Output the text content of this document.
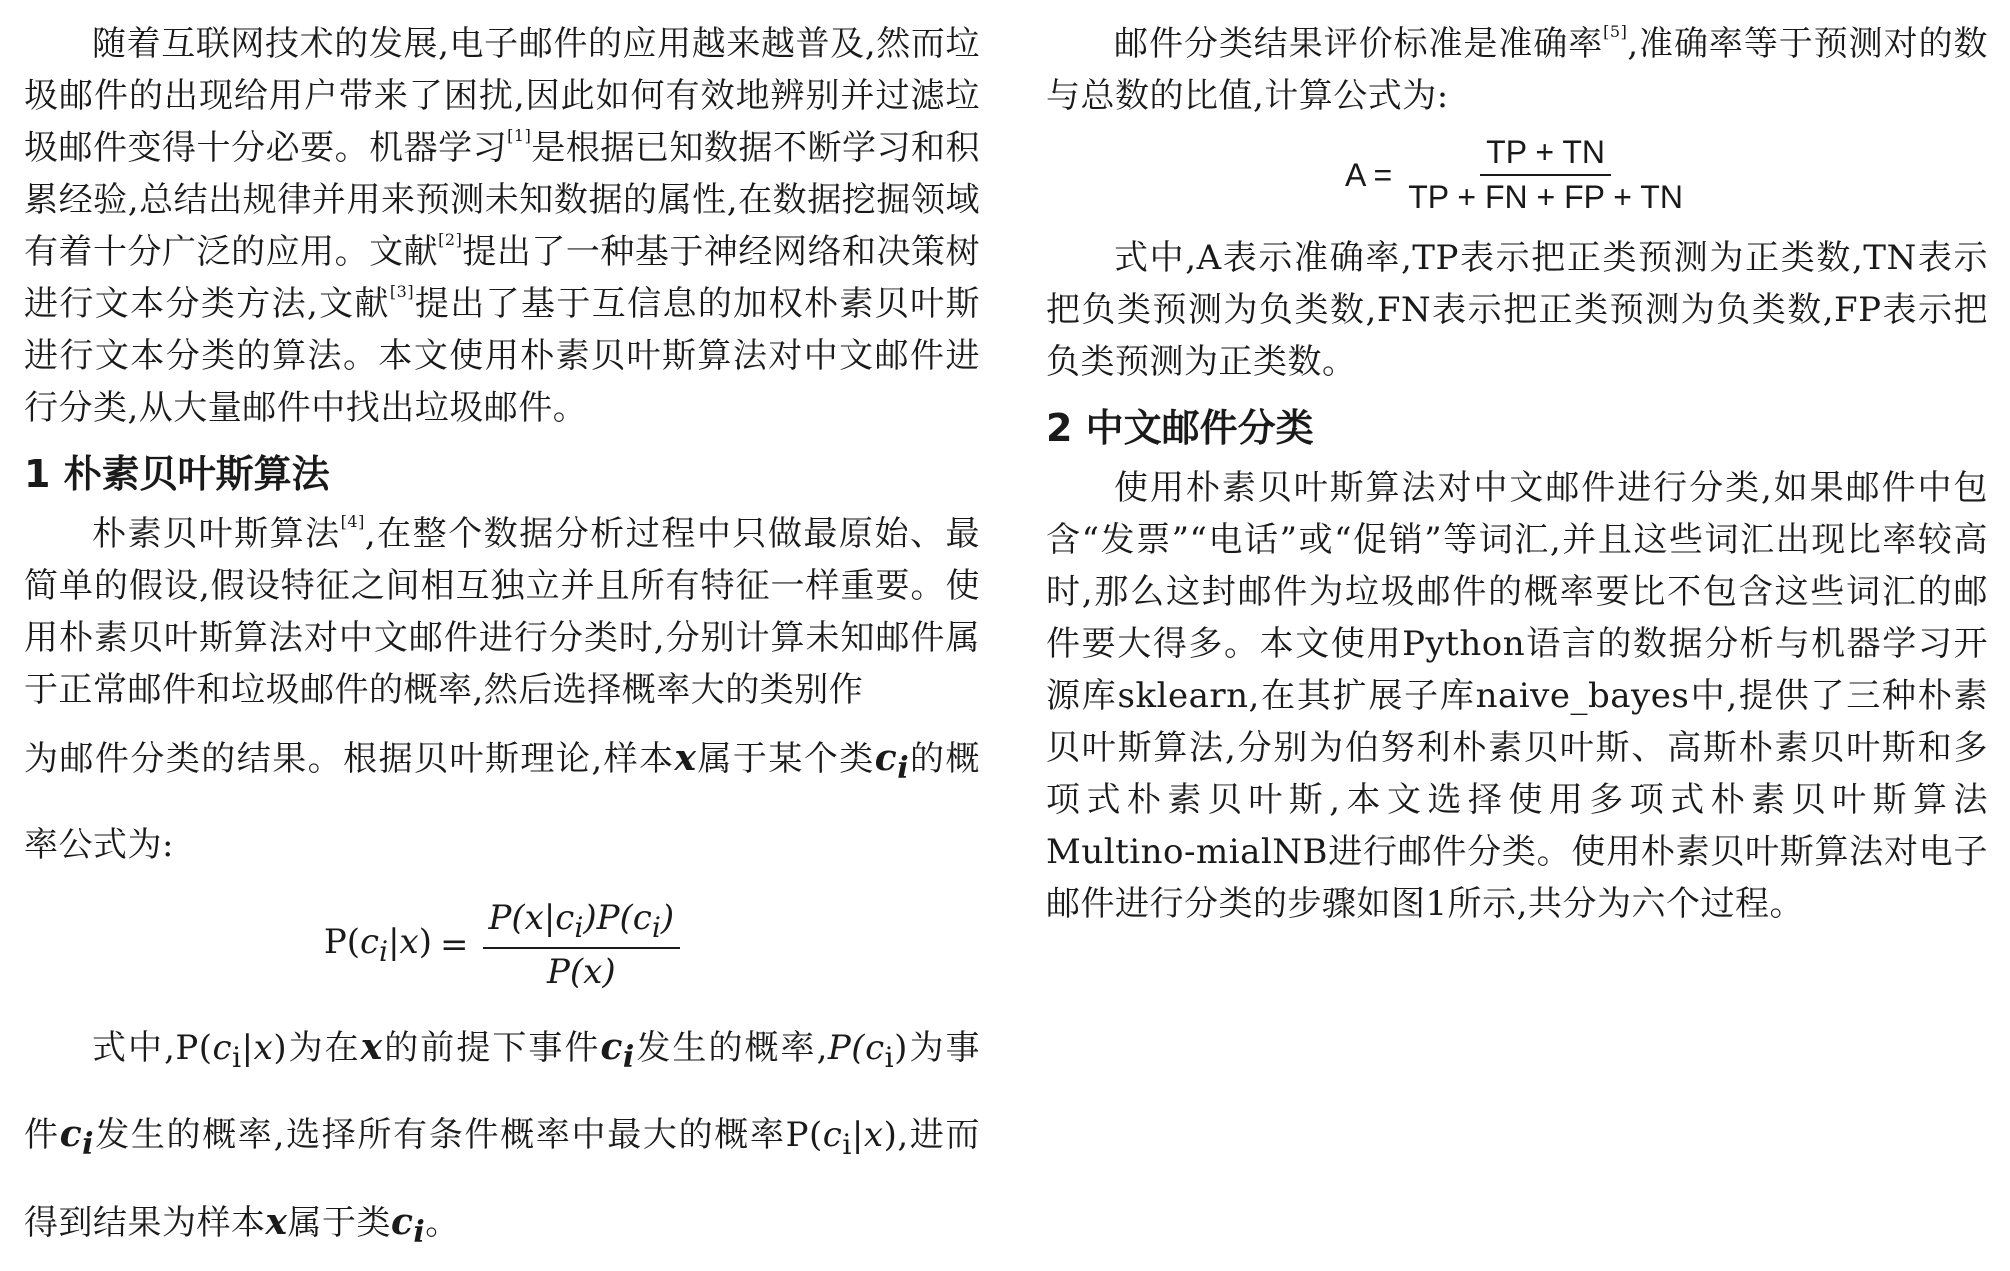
随着互联网技术的发展,电子邮件的应用越来越普及,然而垃圾邮件的出现给用户带来了困扰,因此如何有效地辨别并过滤垃圾邮件变得十分必要。机器学习[1]是根据已知数据不断学习和积累经验,总结出规律并用来预测未知数据的属性,在数据挖掘领域有着十分广泛的应用。文献[2]提出了一种基于神经网络和决策树进行文本分类方法,文献[3]提出了基于互信息的加权朴素贝叶斯进行文本分类的算法。本文使用朴素贝叶斯算法对中文邮件进行分类,从大量邮件中找出垃圾邮件。

1 朴素贝叶斯算法

朴素贝叶斯算法[4],在整个数据分析过程中只做最原始、最简单的假设,假设特征之间相互独立并且所有特征一样重要。使用朴素贝叶斯算法对中文邮件进行分类时,分别计算未知邮件属于正常邮件和垃圾邮件的概率,然后选择概率大的类别作

为邮件分类的结果。根据贝叶斯理论,样本x属于某个类$c_i$的概率公式为:

$P(c_i|x) = \frac{P(x|c_i)P(c_i)}{P(x)}$

式中$,P(c_i|x)$为在x的前提下事件$c_i$发生的概率$,P(c_i)$为事件$c_i$发生的概率,选择所有条件概率中最大的概率$P(c_i|x)$,进而得到结果为样本x属于类$c_i$。

邮件分类结果评价标准是准确率[5],准确率等于预测对的数与总数的比值,计算公式为:

$A = \frac{TP + TN}{TP + FN + FP + TN}$

式中,A表示准确率,TP表示把正类预测为正类数,TN表示把负类预测为负类数,FN表示把正类预测为负类数,FP表示把负类预测为正类数。

2 中文邮件分类

使用朴素贝叶斯算法对中文邮件进行分类,如果邮件中包含“发票”“电话”或“促销”等词汇,并且这些词汇出现比率较高时,那么这封邮件为垃圾邮件的概率要比不包含这些词汇的邮件要大得多。本文使用Python语言的数据分析与机器学习开源库sklearn,在其扩展子库naive_bayes中,提供了三种朴素贝叶斯算法,分别为伯努利朴素贝叶斯、高斯朴素贝叶斯和多项式朴素贝叶斯,本文选择使用多项式朴素贝叶斯算法Multino-mialNB进行邮件分类。使用朴素贝叶斯算法对电子邮件进行分类的步骤如图1所示,共分为六个过程。
